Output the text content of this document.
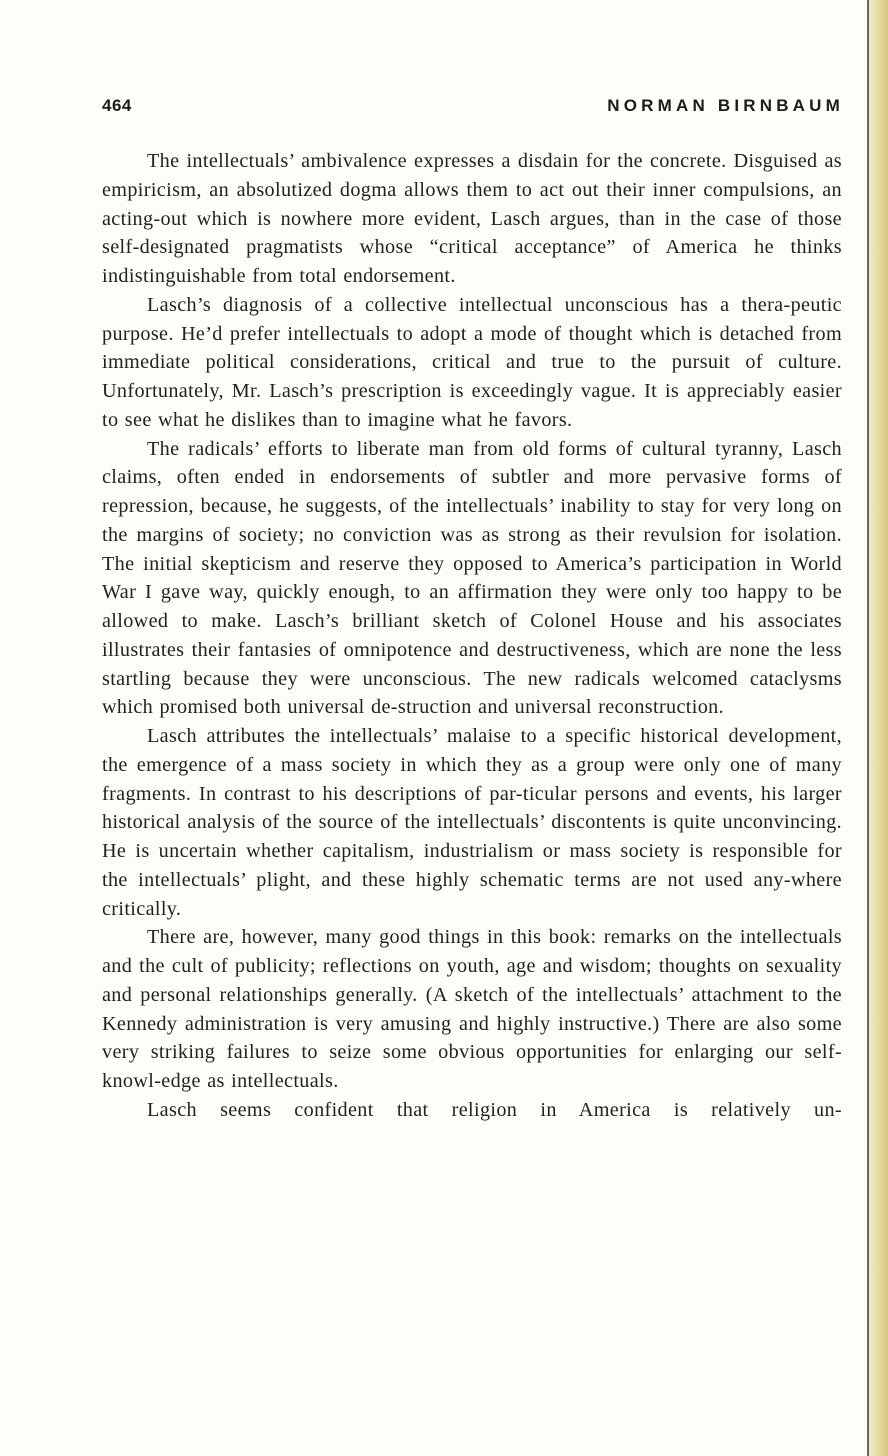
464	NORMAN BIRNBAUM

The intellectuals’ ambivalence expresses a disdain for the concrete. Disguised as empiricism, an absolutized dogma allows them to act out their inner compulsions, an acting-out which is nowhere more evident, Lasch argues, than in the case of those self-designated pragmatists whose “critical acceptance” of America he thinks indistinguishable from total endorsement.

Lasch’s diagnosis of a collective intellectual unconscious has a thera-peutic purpose. He’d prefer intellectuals to adopt a mode of thought which is detached from immediate political considerations, critical and true to the pursuit of culture. Unfortunately, Mr. Lasch’s prescription is exceedingly vague. It is appreciably easier to see what he dislikes than to imagine what he favors.

The radicals’ efforts to liberate man from old forms of cultural tyranny, Lasch claims, often ended in endorsements of subtler and more pervasive forms of repression, because, he suggests, of the intellectuals’ inability to stay for very long on the margins of society; no conviction was as strong as their revulsion for isolation. The initial skepticism and reserve they opposed to America’s participation in World War I gave way, quickly enough, to an affirmation they were only too happy to be allowed to make. Lasch’s brilliant sketch of Colonel House and his associates illustrates their fantasies of omnipotence and destructiveness, which are none the less startling because they were unconscious. The new radicals welcomed cataclysms which promised both universal de-struction and universal reconstruction.

Lasch attributes the intellectuals’ malaise to a specific historical development, the emergence of a mass society in which they as a group were only one of many fragments. In contrast to his descriptions of par-ticular persons and events, his larger historical analysis of the source of the intellectuals’ discontents is quite unconvincing. He is uncertain whether capitalism, industrialism or mass society is responsible for the intellectuals’ plight, and these highly schematic terms are not used any-where critically.

There are, however, many good things in this book: remarks on the intellectuals and the cult of publicity; reflections on youth, age and wisdom; thoughts on sexuality and personal relationships generally. (A sketch of the intellectuals’ attachment to the Kennedy administration is very amusing and highly instructive.) There are also some very striking failures to seize some obvious opportunities for enlarging our self-knowl-edge as intellectuals.

Lasch seems confident that religion in America is relatively un-
